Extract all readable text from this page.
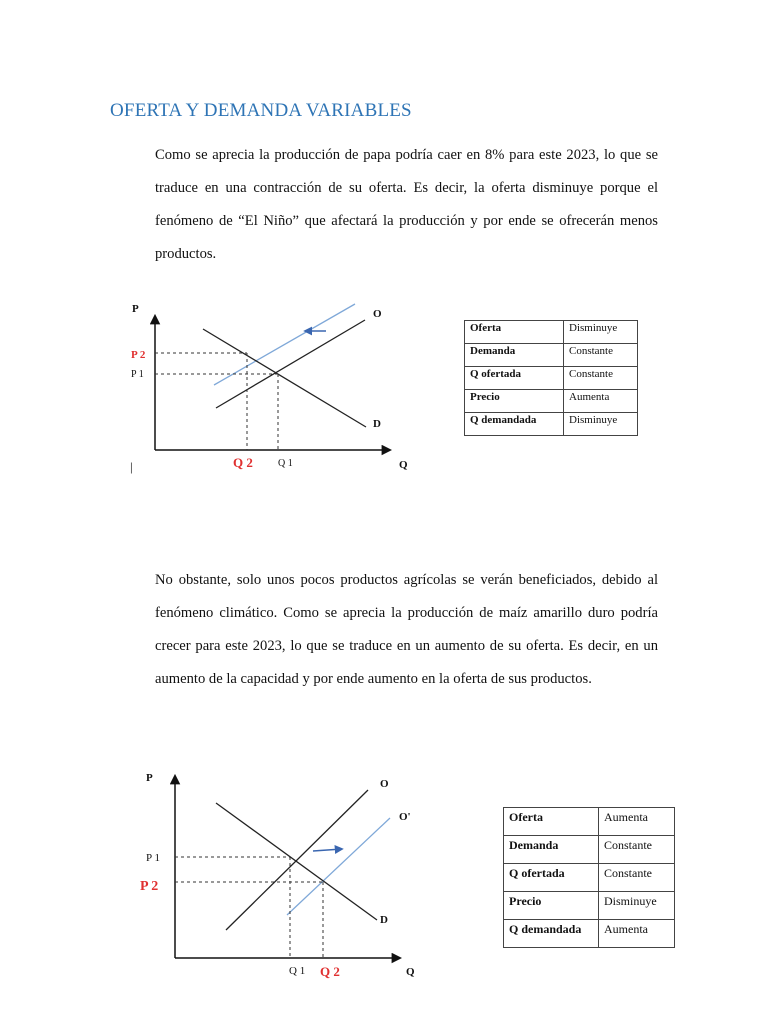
OFERTA Y DEMANDA VARIABLES

Como se aprecia la producción de papa podría caer en 8% para este 2023, lo que se traduce en una contracción de su oferta. Es decir, la oferta disminuye porque el fenómeno de “El Niño” que afectará la producción y por ende se ofrecerán menos productos.

P
Q
O
D
P 2
P 1
Q 2	Q 1

|

Oferta	Disminuye
Demanda	Constante
Q ofertada	Constante
Precio	Aumenta
Q demandada	Disminuye

No obstante, solo unos pocos productos agrícolas se verán beneficiados, debido al fenómeno climático. Como se aprecia la producción de maíz amarillo duro podría crecer para este 2023, lo que se traduce en un aumento de su oferta. Es decir, en un aumento de la capacidad y por ende aumento en la oferta de sus productos.

P
Q
O
O'
D
P 1
P 2
Q 1 Q 2
Oferta	Aumenta
Demanda	Constante
Q ofertada	Constante
Precio	Disminuye
Q demandada	Aumenta
